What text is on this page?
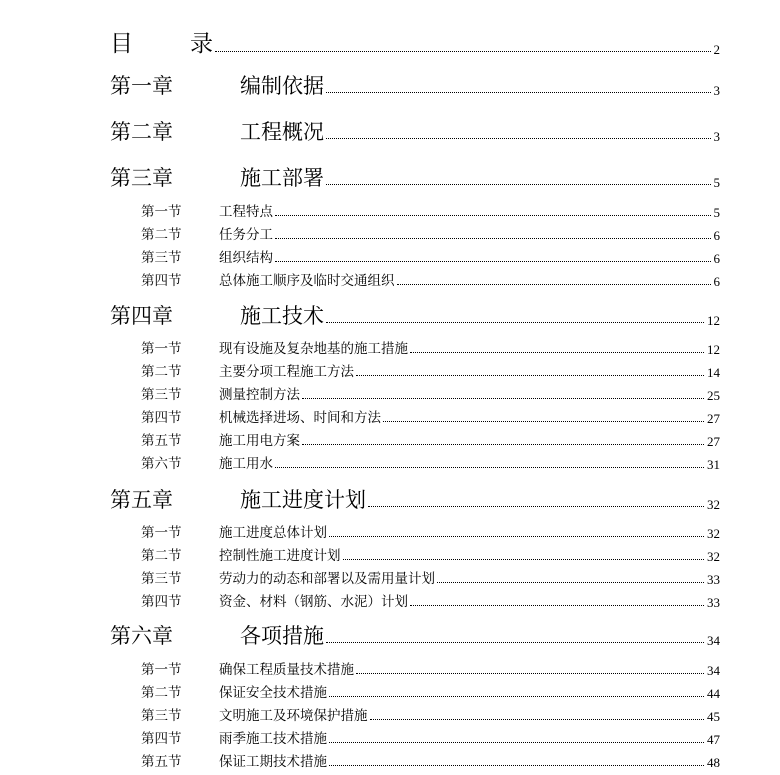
目 录	2
第一章	编制依据	3
第二章	工程概况	3
第三章	施工部署	5
第一节	工程特点	5
第二节	任务分工	6
第三节	组织结构	6
第四节	总体施工顺序及临时交通组织	6
第四章	施工技术	12
第一节	现有设施及复杂地基的施工措施	12
第二节	主要分项工程施工方法	14
第三节	测量控制方法	25
第四节	机械选择进场、时间和方法	27
第五节	施工用电方案	27
第六节	施工用水	31
第五章	施工进度计划	32
第一节	施工进度总体计划	32
第二节	控制性施工进度计划	32
第三节	劳动力的动态和部署以及需用量计划	33
第四节	资金、材料（钢筋、水泥）计划	33
第六章	各项措施	34
第一节	确保工程质量技术措施	34
第二节	保证安全技术措施	44
第三节	文明施工及环境保护措施	45
第四节	雨季施工技术措施	47
第五节	保证工期技术措施	48
